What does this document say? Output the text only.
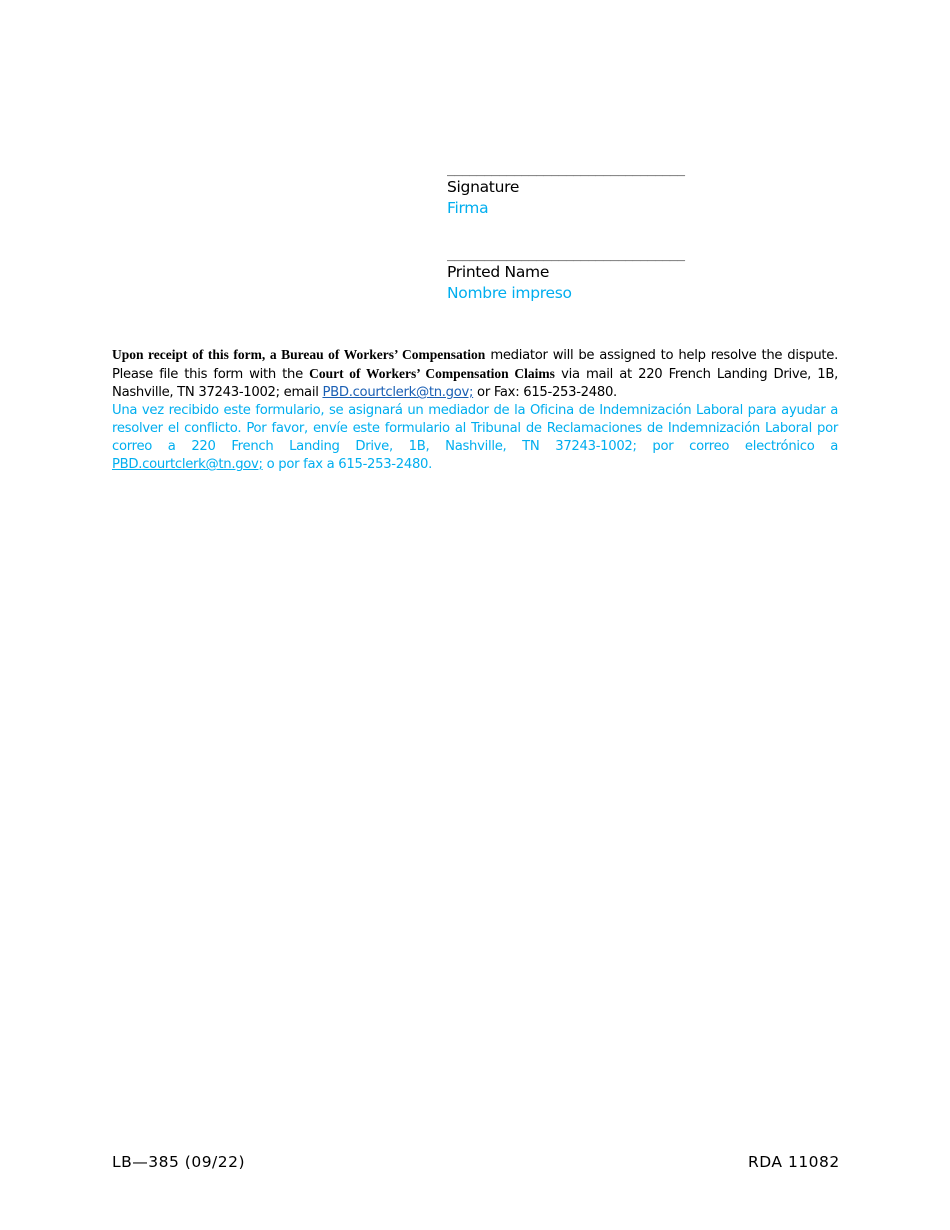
________________________________
Signature
Firma
________________________________
Printed Name
Nombre impreso

Upon receipt of this form, a Bureau of Workers’ Compensation mediator will be assigned to help resolve the dispute. Please file this form with the Court of Workers’ Compensation Claims via mail at 220 French Landing Drive, 1B, Nashville, TN 37243-1002; email PBD.courtclerk@tn.gov; or Fax: 615-253-2480.

Una vez recibido este formulario, se asignará un mediador de la Oficina de Indemnización Laboral para ayudar a resolver el conflicto. Por favor, envíe este formulario al Tribunal de Reclamaciones de Indemnización Laboral por correo a 220 French Landing Drive, 1B, Nashville, TN 37243-1002; por correo electrónico a PBD.courtclerk@tn.gov; o por fax a 615-253-2480.

LB—385 (09/22)	RDA 11082
